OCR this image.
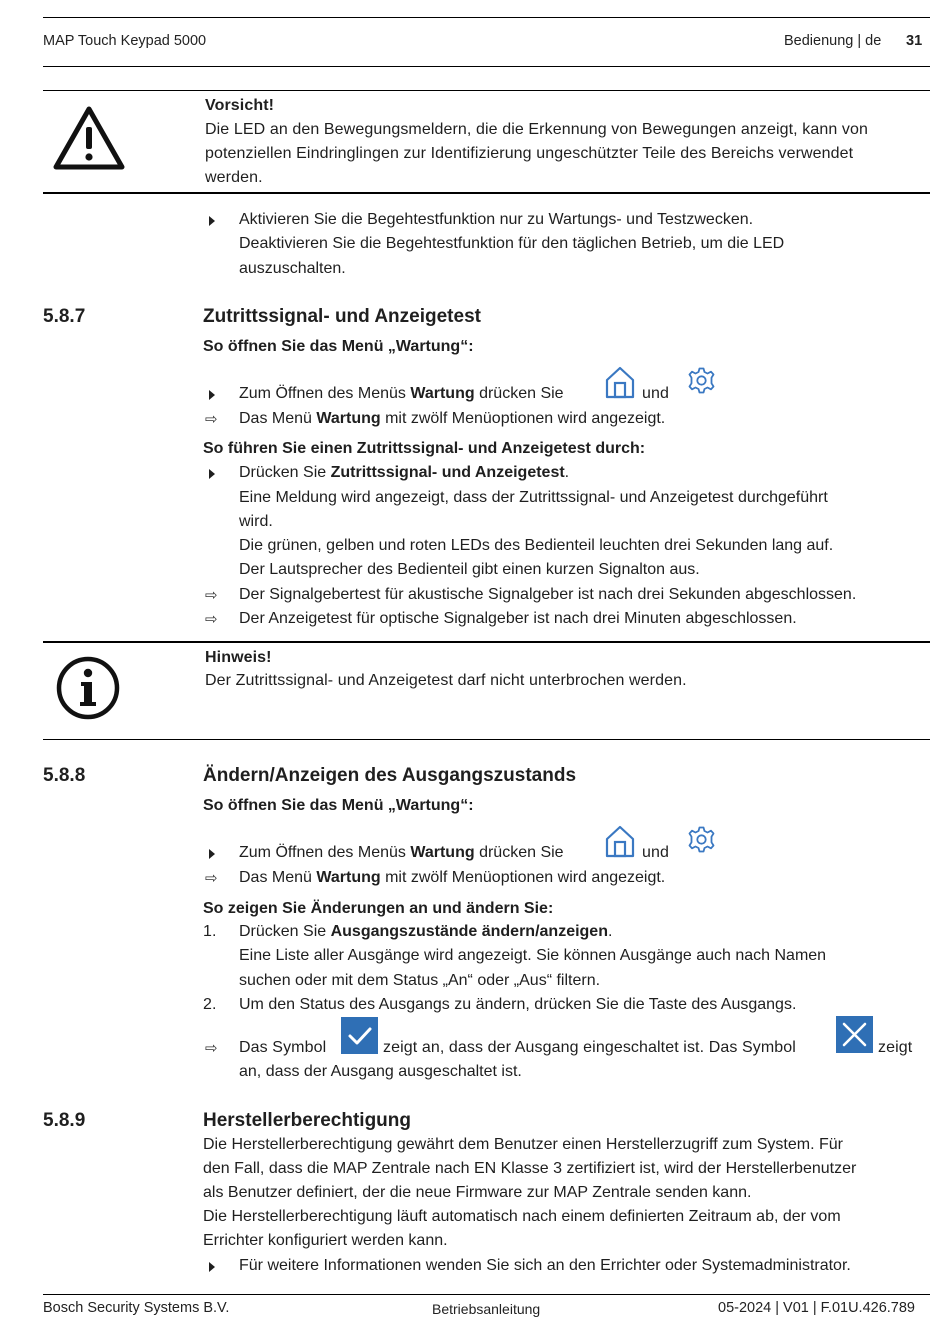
MAP Touch Keypad 5000	Bedienung | de 31
Vorsicht!
Die LED an den Bewegungsmeldern, die die Erkennung von Bewegungen anzeigt, kann von
potenziellen Eindringlingen zur Identifizierung ungeschützter Teile des Bereichs verwendet
werden.
Aktivieren Sie die Begehtestfunktion nur zu Wartungs- und Testzwecken.
Deaktivieren Sie die Begehtestfunktion für den täglichen Betrieb, um die LED
auszuschalten.
5.8.7	Zutrittssignal- und Anzeigetest
So öffnen Sie das Menü „Wartung“:
Zum Öffnen des Menüs Wartung drücken Sie	und
⇨	Das Menü Wartung mit zwölf Menüoptionen wird angezeigt.
So führen Sie einen Zutrittssignal- und Anzeigetest durch:
Drücken Sie Zutrittssignal- und Anzeigetest.
Eine Meldung wird angezeigt, dass der Zutrittssignal- und Anzeigetest durchgeführt
wird.
Die grünen, gelben und roten LEDs des Bedienteil leuchten drei Sekunden lang auf.
Der Lautsprecher des Bedienteil gibt einen kurzen Signalton aus.
⇨	Der Signalgebertest für akustische Signalgeber ist nach drei Sekunden abgeschlossen.
⇨	Der Anzeigetest für optische Signalgeber ist nach drei Minuten abgeschlossen.
Hinweis!
Der Zutrittssignal- und Anzeigetest darf nicht unterbrochen werden.
5.8.8	Ändern/Anzeigen des Ausgangszustands
So öffnen Sie das Menü „Wartung“:
Zum Öffnen des Menüs Wartung drücken Sie	und
⇨	Das Menü Wartung mit zwölf Menüoptionen wird angezeigt.
So zeigen Sie Änderungen an und ändern Sie:
1. Drücken Sie Ausgangszustände ändern/anzeigen.
Eine Liste aller Ausgänge wird angezeigt. Sie können Ausgänge auch nach Namen
suchen oder mit dem Status „An“ oder „Aus“ filtern.
2. Um den Status des Ausgangs zu ändern, drücken Sie die Taste des Ausgangs.
⇨	Das Symbol	zeigt an, dass der Ausgang eingeschaltet ist. Das Symbol	zeigt
an, dass der Ausgang ausgeschaltet ist.
5.8.9	Herstellerberechtigung
Die Herstellerberechtigung gewährt dem Benutzer einen Herstellerzugriff zum System. Für
den Fall, dass die MAP Zentrale nach EN Klasse 3 zertifiziert ist, wird der Herstellerbenutzer
als Benutzer definiert, der die neue Firmware zur MAP Zentrale senden kann.
Die Herstellerberechtigung läuft automatisch nach einem definierten Zeitraum ab, der vom
Errichter konfiguriert werden kann.
Für weitere Informationen wenden Sie sich an den Errichter oder Systemadministrator.
Bosch Security Systems B.V.	Betriebsanleitung	05-2024 | V01 | F.01U.426.789
